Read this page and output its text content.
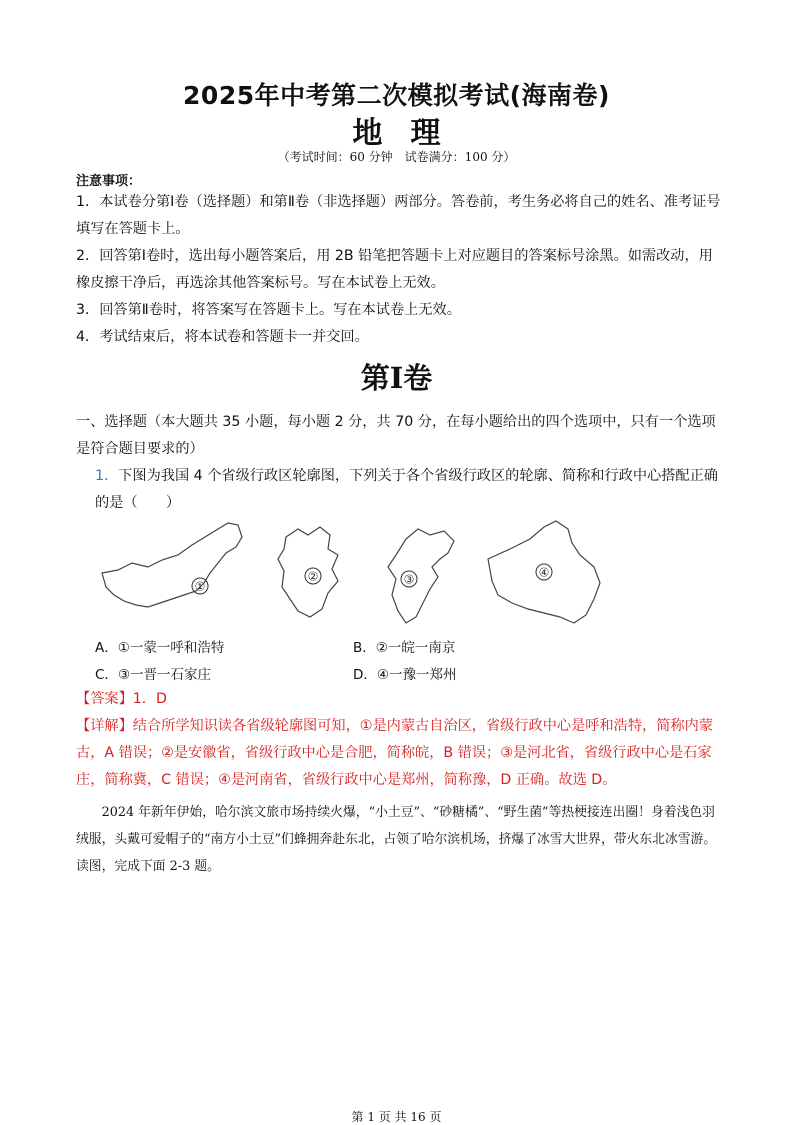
2025年中考第二次模拟考试(海南卷)
地理
（考试时间：60 分钟　试卷满分：100 分）
注意事项：
1．本试卷分第Ⅰ卷（选择题）和第Ⅱ卷（非选择题）两部分。答卷前，考生务必将自己的姓名、准考证号填写在答题卡上。
2．回答第Ⅰ卷时，选出每小题答案后，用 2B 铅笔把答题卡上对应题目的答案标号涂黑。如需改动，用橡皮擦干净后，再选涂其他答案标号。写在本试卷上无效。
3．回答第Ⅱ卷时，将答案写在答题卡上。写在本试卷上无效。
4．考试结束后，将本试卷和答题卡一并交回。
第Ⅰ卷
一、选择题（本大题共 35 小题，每小题 2 分，共 70 分，在每小题给出的四个选项中，只有一个选项是符合题目要求的）
1．下图为我国 4 个省级行政区轮廓图，下列关于各个省级行政区的轮廓、简称和行政中心搭配正确的是（　　）
①
②	③	④
A．①一蒙一呼和浩特	B．②一皖一南京
C．③一晋一石家庄	D．④一豫一郑州
【答案】1．D
【详解】结合所学知识读各省级轮廓图可知，①是内蒙古自治区，省级行政中心是呼和浩特，简称内蒙古，A 错误；②是安徽省，省级行政中心是合肥，简称皖，B 错误；③是河北省，省级行政中心是石家庄，简称冀，C 错误；④是河南省，省级行政中心是郑州，简称豫，D 正确。故选 D。
2024 年新年伊始，哈尔滨文旅市场持续火爆，“小土豆”、“砂糖橘”、“野生菌”等热梗接连出圈！身着浅色羽绒服，头戴可爱帽子的“南方小土豆”们蜂拥奔赴东北，占领了哈尔滨机场，挤爆了冰雪大世界，带火东北冰雪游。读图，完成下面 2-3 题。
第 1 页 共 16 页
